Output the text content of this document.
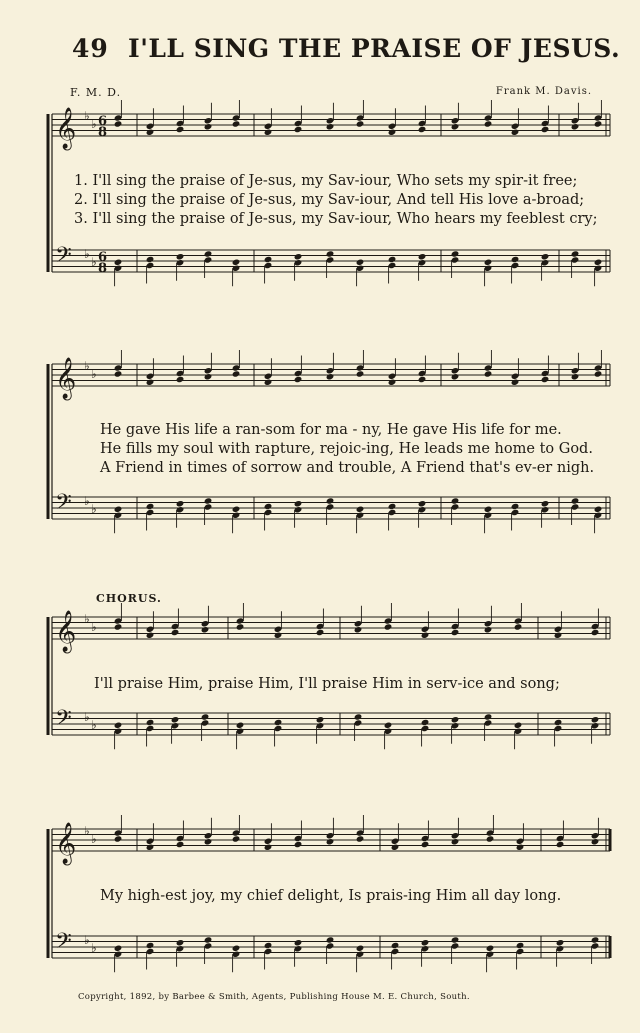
49 I'LL SING THE PRAISE OF JESUS.
F. M. D.	Frank M. Davis.
𝄞 ♭
♭ 6
8
𝄢 ♭
♭ 6
8
𝄞 ♭
♭
𝄢 ♭
♭
𝄞 ♭
♭
𝄢 ♭
♭
𝄞 ♭
♭
𝄢 ♭
♭
CHORUS.
1. I'll sing the praise of Je-sus, my Sav-iour, Who sets my spir-it free;
2. I'll sing the praise of Je-sus, my Sav-iour, And tell His love a-broad;
3. I'll sing the praise of Je-sus, my Sav-iour, Who hears my feeblest cry;
He gave His life a ran-som for ma - ny, He gave His life for me.
He fills my soul with rapture, rejoic-ing, He leads me home to God.
A Friend in times of sorrow and trouble, A Friend that's ev-er nigh.
I'll praise Him, praise Him, I'll praise Him in serv-ice and song;
My high-est joy, my chief delight, Is prais-ing Him all day long.
Copyright, 1892, by Barbee & Smith, Agents, Publishing House M. E. Church, South.
